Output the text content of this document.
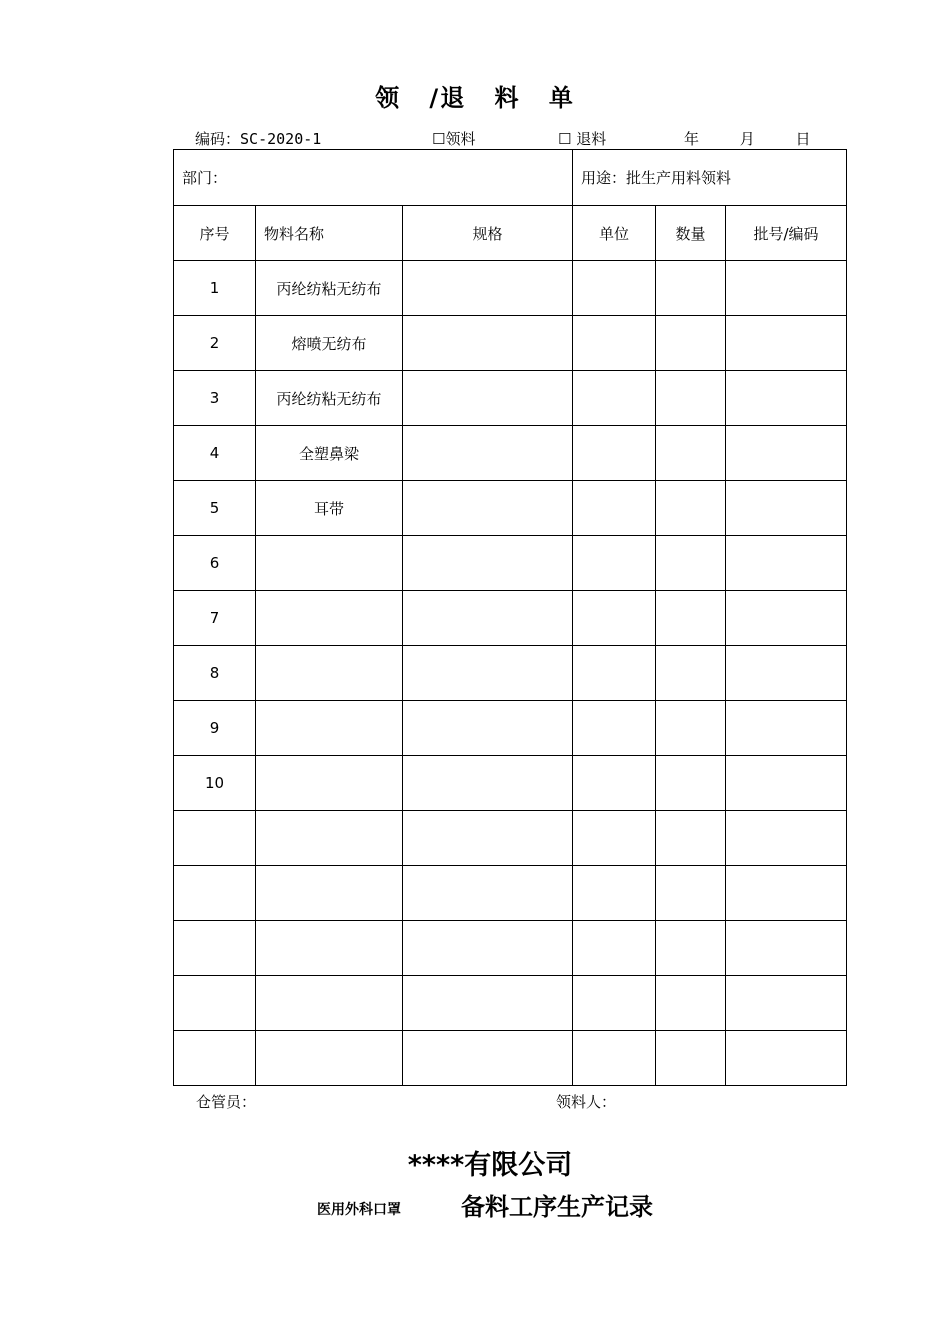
领 /退 料 单
编码：SC-2020-1	☐领料	☐ 退料	年 月 日
部门：			用途：批生产用料领料		
序号	物料名称	规格	单位	数量	批号/编码
1	丙纶纺粘无纺布				
2	熔喷无纺布				
3	丙纶纺粘无纺布				
4	全塑鼻梁				
5	耳带				
6					
7					
8					
9					
10					

仓管员：	领料人：
****有限公司
医用外科口罩	备料工序生产记录
